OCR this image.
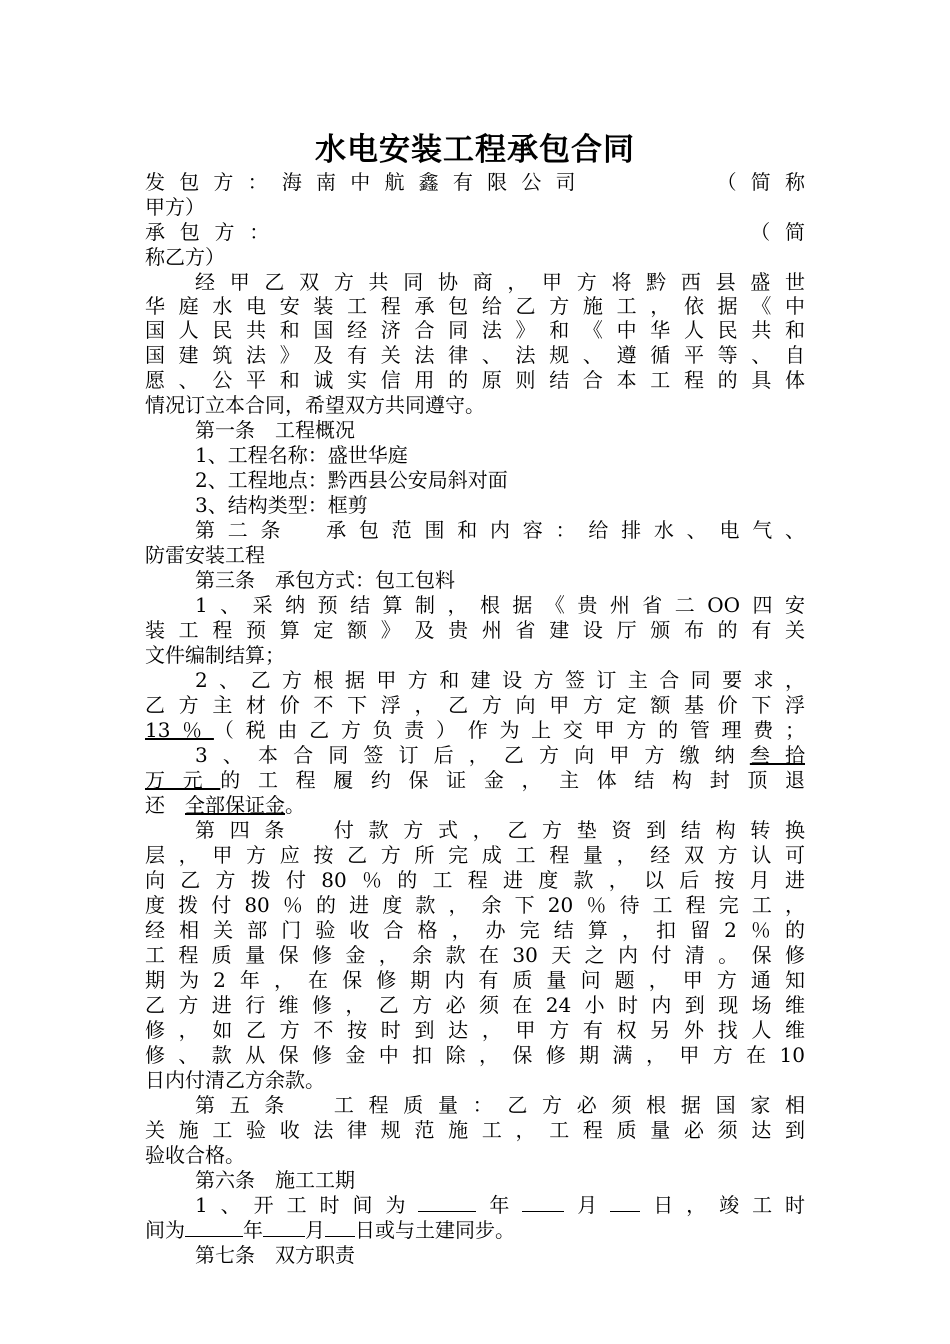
水电安装工程承包合同
发包方：海南中航鑫有限公司　　　　（简称
甲方）
承包方：　　　　　　　　　　　　　　（简
称乙方）
经甲乙双方共同协商，甲方将黔西县盛世
华庭水电安装工程承包给乙方施工，依据《中
国人民共和国经济合同法》和《中华人民共和
国建筑法》及有关法律、法规、遵循平等、自
愿、公平和诚实信用的原则结合本工程的具体
情况订立本合同，希望双方共同遵守。
第一条　工程概况
1、工程名称：盛世华庭
2、工程地点：黔西县公安局斜对面
3、结构类型：框剪
第二条　承包范围和内容：给排水、电气、
防雷安装工程
第三条　承包方式：包工包料
1、采纳预结算制，根据《贵州省二OO四安
装工程预算定额》及贵州省建设厅颁布的有关
文件编制结算；
2、乙方根据甲方和建设方签订主合同要求，
乙方主材价不下浮，乙方向甲方定额基价下浮
13％（税由乙方负责）作为上交甲方的管理费；
3、本合同签订后，乙方向甲方缴纳叁拾
万元的工程履约保证金，主体结构封顶退
还　 全部保证金。
第四条　付款方式，乙方垫资到结构转换
层，甲方应按乙方所完成工程量，经双方认可
向乙方拨付80％的工程进度款，以后按月进
度拨付80％的进度款，余下20％待工程完工，
经相关部门验收合格，办完结算，扣留2％的
工程质量保修金，余款在30天之内付清。保修
期为2年，在保修期内有质量问题，甲方通知
乙方进行维修，乙方必须在24小时内到现场维
修，如乙方不按时到达，甲方有权另外找人维
修、款从保修金中扣除，保修期满，甲方在10
日内付清乙方余款。
第五条　工程质量：乙方必须根据国家相
关施工验收法律规范施工，工程质量必须达到
验收合格。
第六条　施工工期
1、开工时间为	年 月 日，竣工时
间为	年 月 日或与土建同步。
第七条　双方职责
